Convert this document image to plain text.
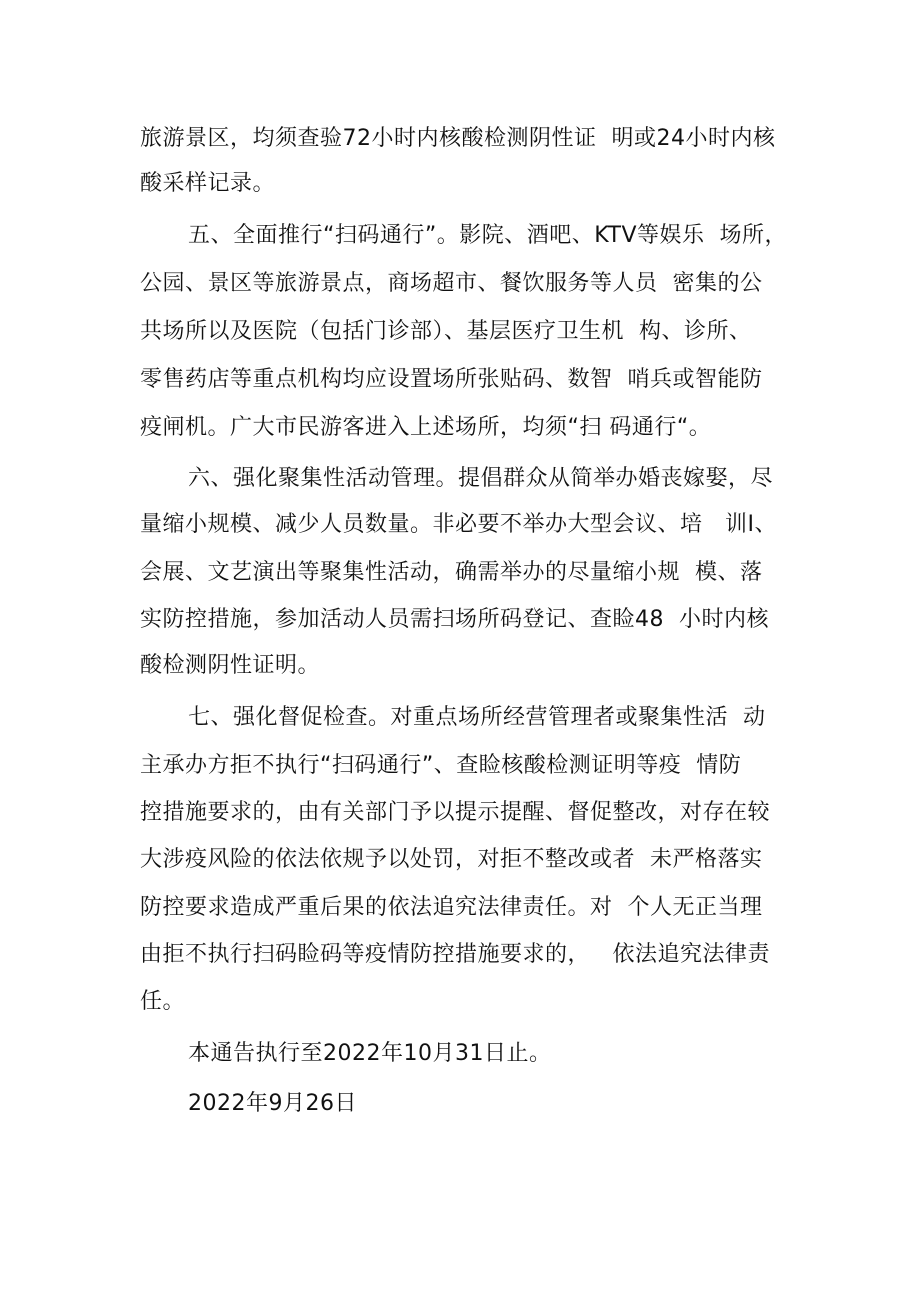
旅游景区，均须查验72小时内核酸检测阴性证  明或24小时内核
酸采样记录。
五、全面推行“扫码通行”。影院、酒吧、KTV等娱乐  场所，
公园、景区等旅游景点，商场超市、餐饮服务等人员  密集的公
共场所以及医院（包括门诊部）、基层医疗卫生机  构、诊所、
零售药店等重点机构均应设置场所张贴码、数智  哨兵或智能防
疫闸机。广大市民游客进入上述场所，均须“扫 码通行“。
六、强化聚集性活动管理。提倡群众从简举办婚丧嫁娶，尽
量缩小规模、减少人员数量。非必要不举办大型会议、培   训I、
会展、文艺演出等聚集性活动，确需举办的尽量缩小规  模、落
实防控措施，参加活动人员需扫场所码登记、查睑48  小时内核
酸检测阴性证明。
七、强化督促检查。对重点场所经营管理者或聚集性活  动
主承办方拒不执行“扫码通行”、查睑核酸检测证明等疫  情防
控措施要求的，由有关部门予以提示提醒、督促整改，对存在较
大涉疫风险的依法依规予以处罚，对拒不整改或者  未严格落实
防控要求造成严重后果的依法追究法律责任。对  个人无正当理
由拒不执行扫码睑码等疫情防控措施要求的，   依法追究法律责
任。
本通告执行至2022年10月31日止。
2022年9月26日
